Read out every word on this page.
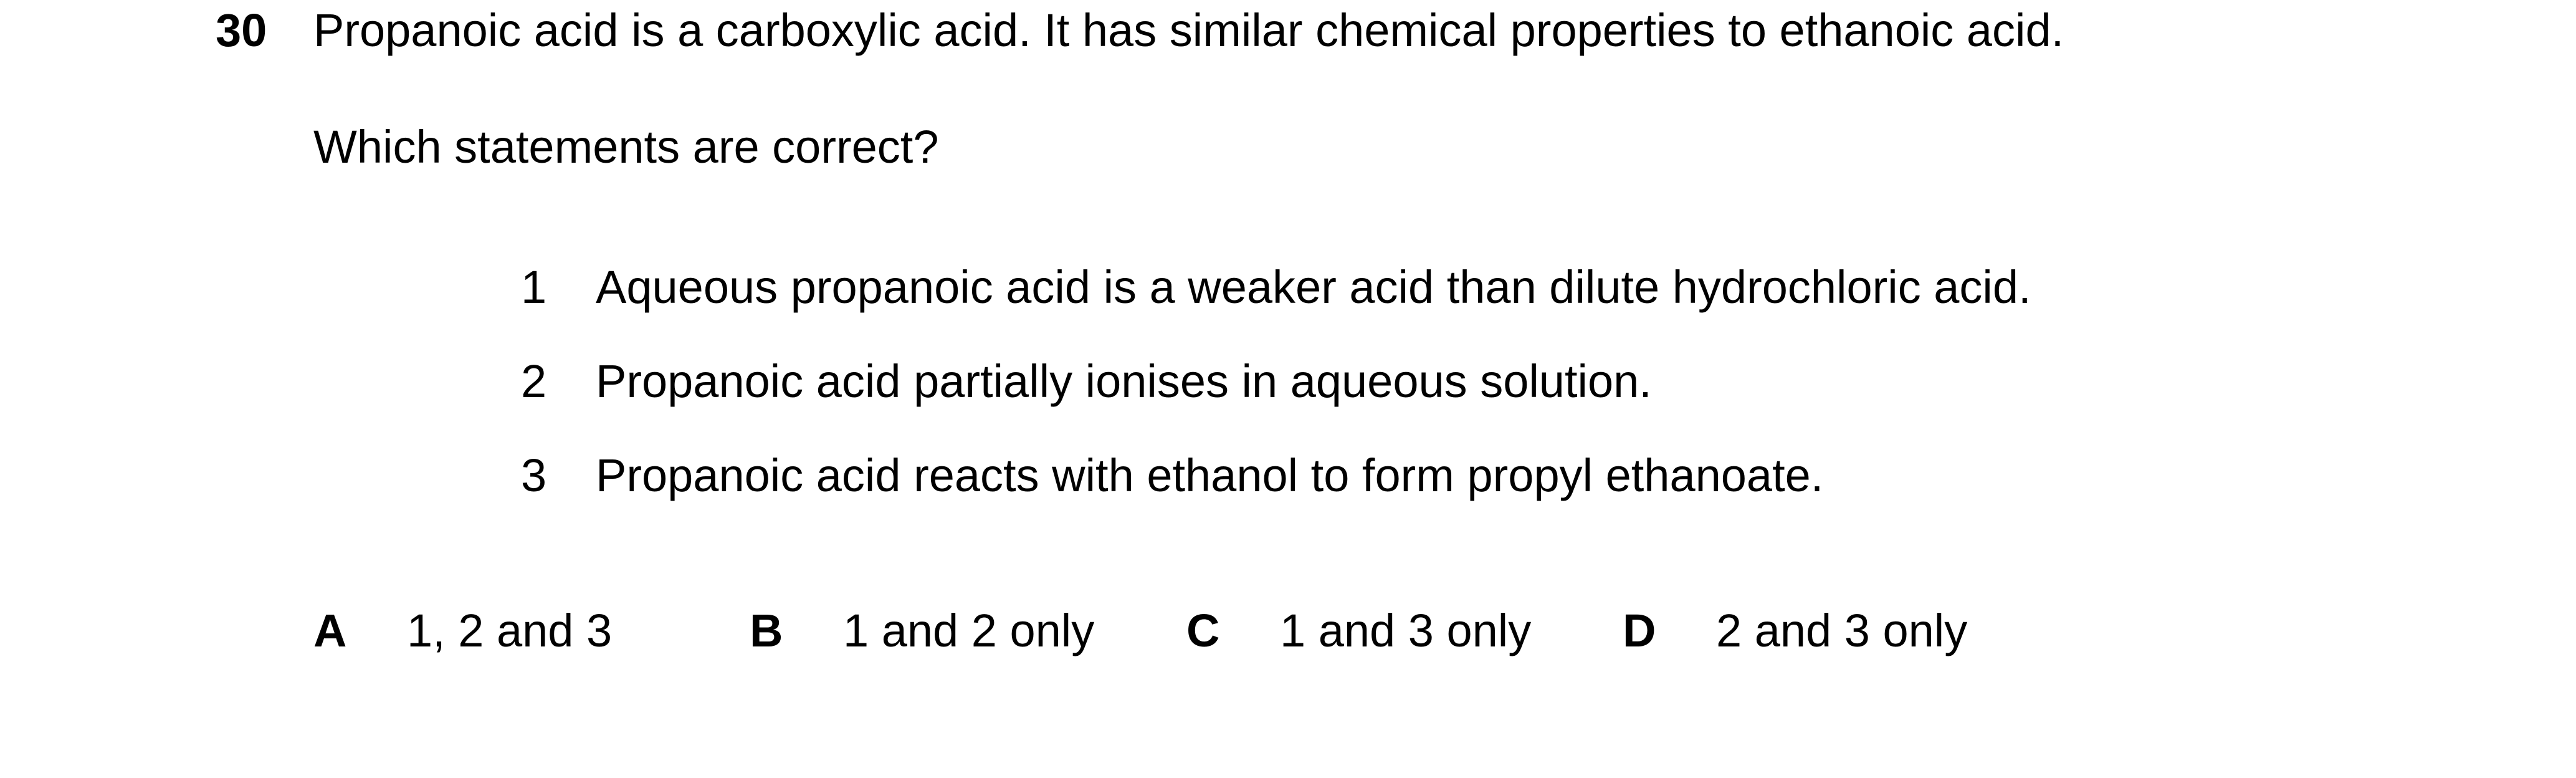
30 Propanoic acid is a carboxylic acid. It has similar chemical properties to ethanoic acid.
Which statements are correct?
1 Aqueous propanoic acid is a weaker acid than dilute hydrochloric acid.
2 Propanoic acid partially ionises in aqueous solution.
3 Propanoic acid reacts with ethanol to form propyl ethanoate.
A 1, 2 and 3	B 1 and 2 only C 1 and 3 only D 2 and 3 only
